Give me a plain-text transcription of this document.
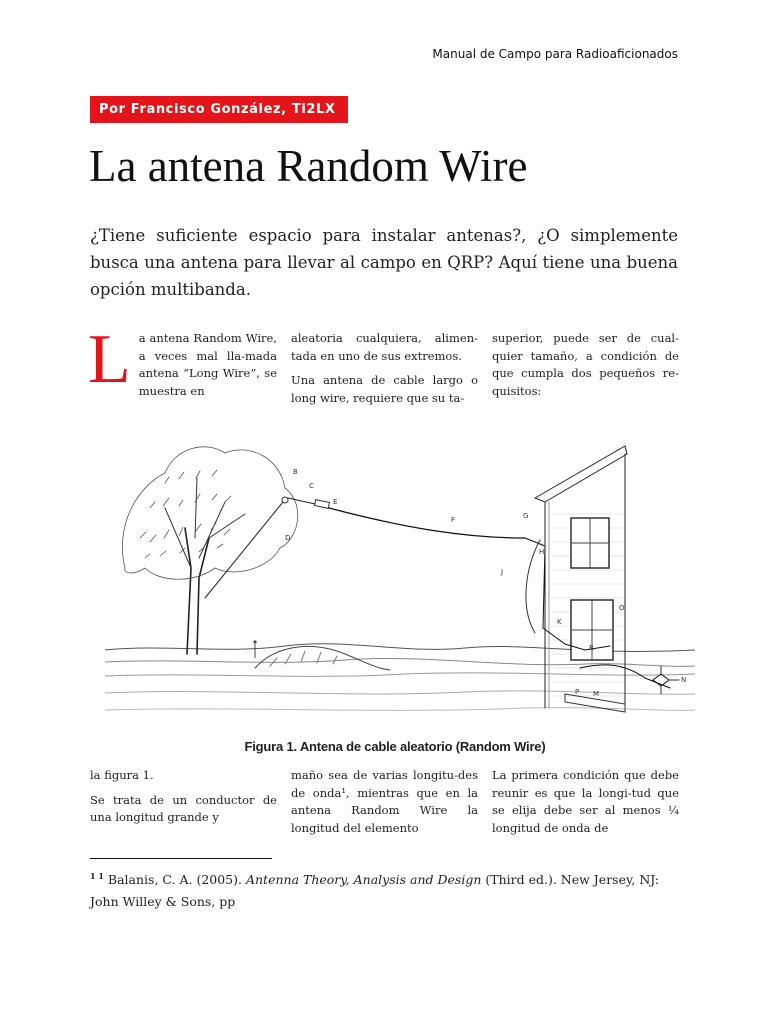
Manual de Campo para Radioaficionados
Por Francisco González, Ti2LX
La antena Random Wire

¿Tiene suficiente espacio para instalar antenas?, ¿O simplemente busca una antena para llevar al campo en QRP? Aquí tiene una buena opción multibanda.

L a antena Random Wire, a veces mal lla-mada antena “Long Wire”, se muestra en

aleatoria cualquiera, alimen-tada en uno de sus extremos.

Una antena de cable largo o long wire, requiere que su ta-

superior, puede ser de cual-quier tamaño, a condición de que cumpla dos pequeños re-quisitos:

B
C
D
E
F	G
H
J
K
M
N
O
P
R
Figura 1. Antena de cable aleatorio (Random Wire)

la figura 1.

Se trata de un conductor de una longitud grande y

maño sea de varias longitu-des de onda¹, mientras que en la antena Random Wire la longitud del elemento

La primera condición que debe reunir es que la longi-tud que se elija debe ser al menos ¼ longitud de onda de

$^{1 1}$ Balanis, C. A. (2005). Antenna Theory, Analysis and Design (Third ed.). New Jersey, NJ: John Willey & Sons, pp
